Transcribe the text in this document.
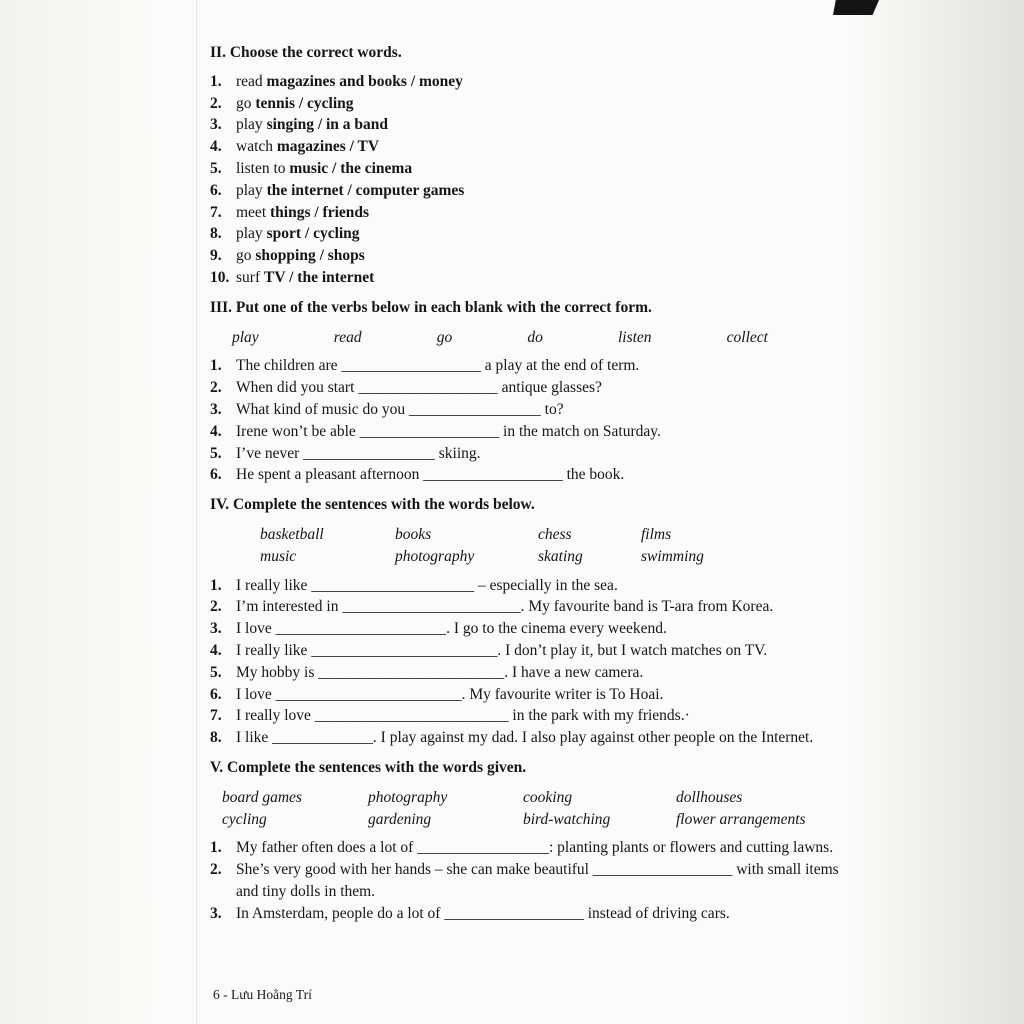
II. Choose the correct words.
1. read magazines and books / money
2. go tennis / cycling
3. play singing / in a band
4. watch magazines / TV
5. listen to music / the cinema
6. play the internet / computer games
7. meet things / friends
8. play sport / cycling
9. go shopping / shops
10. surf TV / the internet
III. Put one of the verbs below in each blank with the correct form.
play	read	go	do	listen	collect
1. The children are __________________ a play at the end of term.
2. When did you start __________________ antique glasses?
3. What kind of music do you _________________ to?
4. Irene won’t be able __________________ in the match on Saturday.
5. I’ve never _________________ skiing.
6. He spent a pleasant afternoon __________________ the book.
IV. Complete the sentences with the words below.
basketball	books	chess	films
music	photography	skating	swimming
1. I really like _____________________ – especially in the sea.
2. I’m interested in _______________________. My favourite band is T-ara from Korea.
3. I love ______________________. I go to the cinema every weekend.
4. I really like ________________________. I don’t play it, but I watch matches on TV.
5. My hobby is ________________________. I have a new camera.
6. I love ________________________. My favourite writer is To Hoai.
7. I really love _________________________ in the park with my friends.·
8. I like _____________. I play against my dad. I also play against other people on the Internet.
V. Complete the sentences with the words given.
board games	photography	cooking	dollhouses
cycling	gardening	bird-watching	flower arrangements
1. My father often does a lot of _________________: planting plants or flowers and cutting lawns.
2. She’s very good with her hands – she can make beautiful __________________ with small items and tiny dolls in them.
3. In Amsterdam, people do a lot of __________________ instead of driving cars.
6 - Lưu Hoằng Trí
